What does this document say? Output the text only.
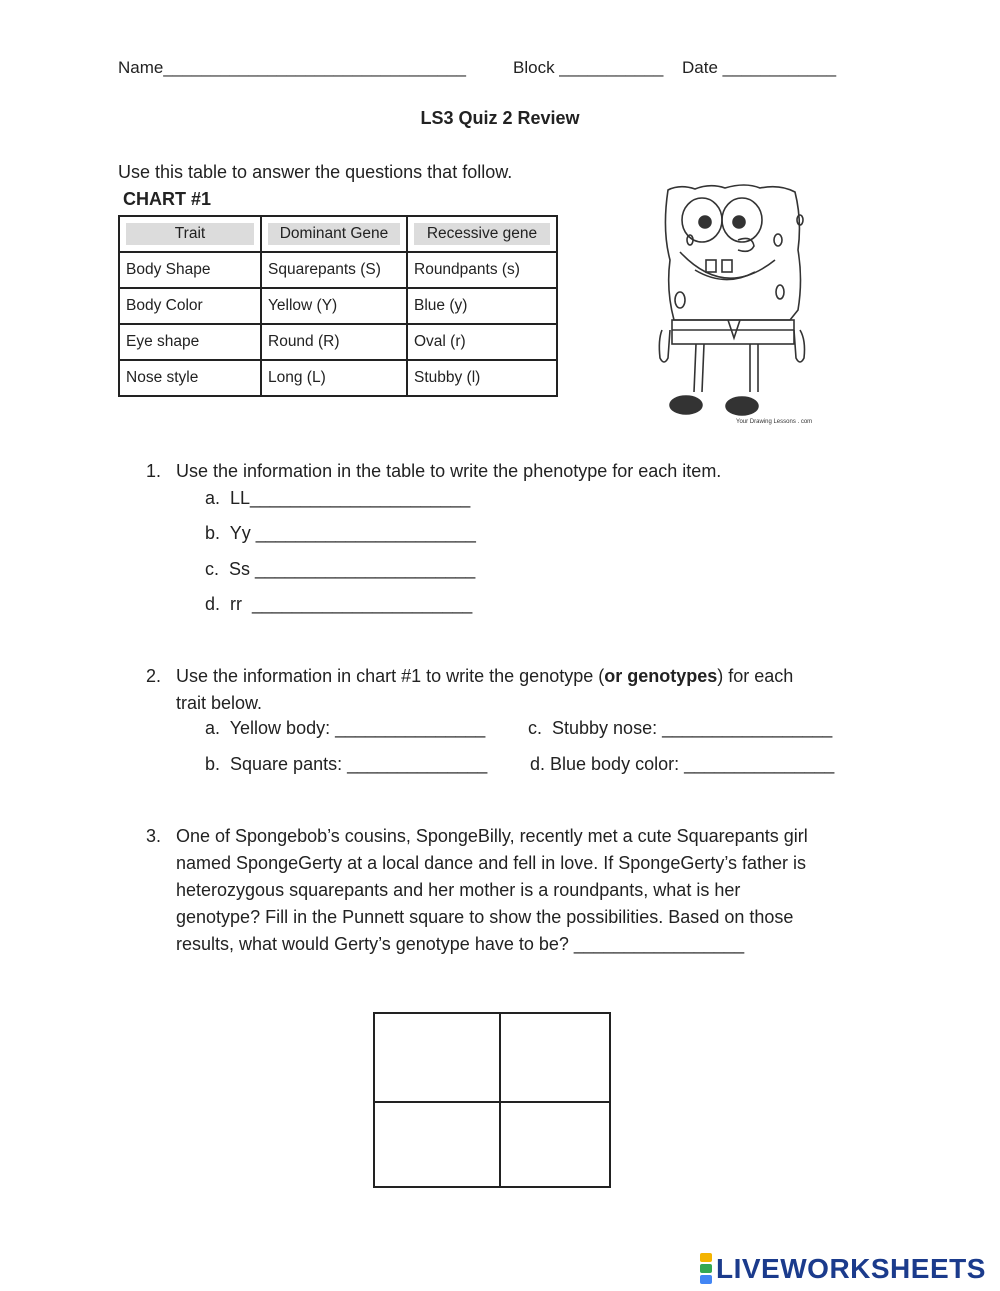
Name________________________________	Block ___________ Date ____________
LS3 Quiz 2 Review
Use this table to answer the questions that follow.
CHART #1
Trait	Dominant Gene	Recessive gene

Body Shape	Squarepants (S)	Roundpants (s)
Body Color	Yellow (Y)	Blue (y)
Eye shape	Round (R)	Oval (r)
Nose style	Long (L)	Stubby (l)
Your Drawing Lessons . com
1. Use the information in the table to write the phenotype for each item.
a.  LL______________________
b.  Yy ______________________
c.  Ss ______________________
d.  rr  ______________________
2. Use the information in chart #1 to write the genotype (or genotypes) for each
trait below.
a.  Yellow body: _______________ c.  Stubby nose: _________________
b.  Square pants: ______________ d. Blue body color: _______________
3. One of Spongebob’s cousins, SpongeBilly, recently met a cute Squarepants girl
named SpongeGerty at a local dance and fell in love. If SpongeGerty’s father is
heterozygous squarepants and her mother is a roundpants, what is her
genotype? Fill in the Punnett square to show the possibilities. Based on those
results, what would Gerty’s genotype have to be? _________________
LIVEWORKSHEETS
